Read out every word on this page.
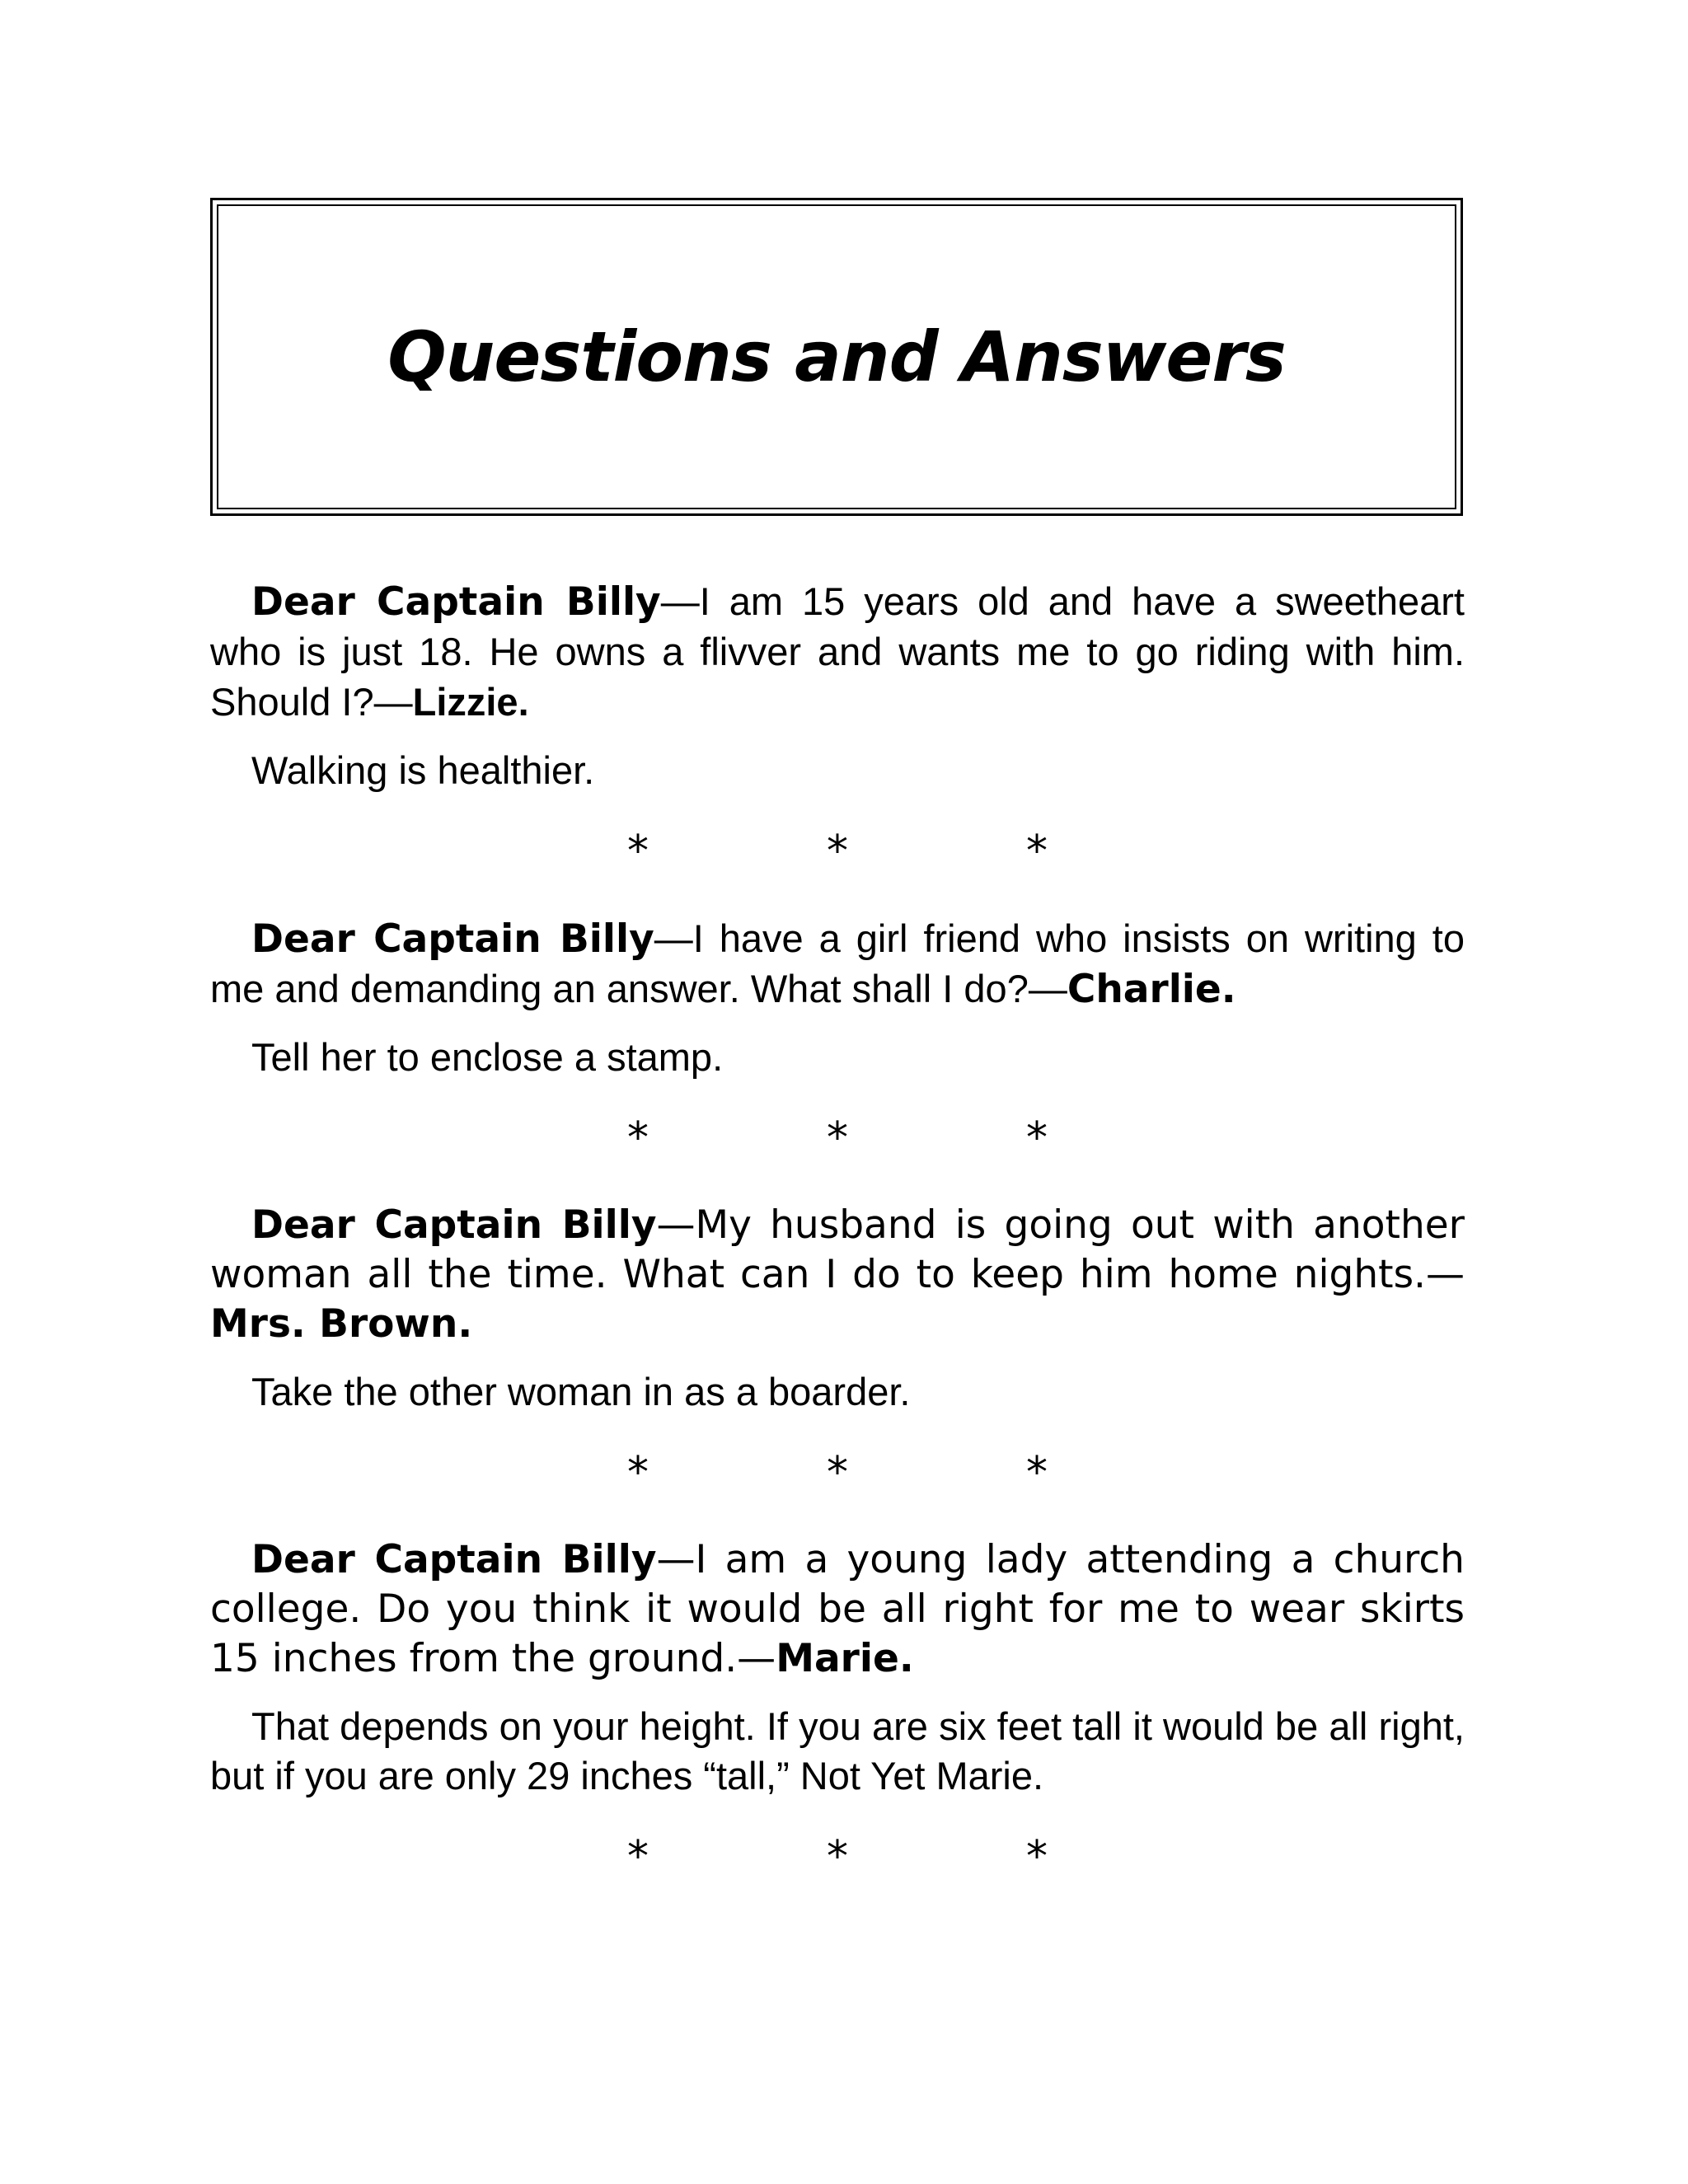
Questions and Answers

Dear Captain Billy—I am 15 years old and have a sweetheart who is just 18. He owns a flivver and wants me to go riding with him. Should I?—Lizzie.

Walking is healthier.

*	*	*

Dear Captain Billy—I have a girl friend who insists on writing to me and demanding an answer. What shall I do?—Charlie.

Tell her to enclose a stamp.

*	*	*

Dear Captain Billy—My husband is going out with another woman all the time. What can I do to keep him home nights.—Mrs. Brown.

Take the other woman in as a boarder.

*	*	*

Dear Captain Billy—I am a young lady attending a church college. Do you think it would be all right for me to wear skirts 15 inches from the ground.—Marie.

That depends on your height. If you are six feet tall it would be all right, but if you are only 29 inches “tall,” Not Yet Marie.

*	*	*
